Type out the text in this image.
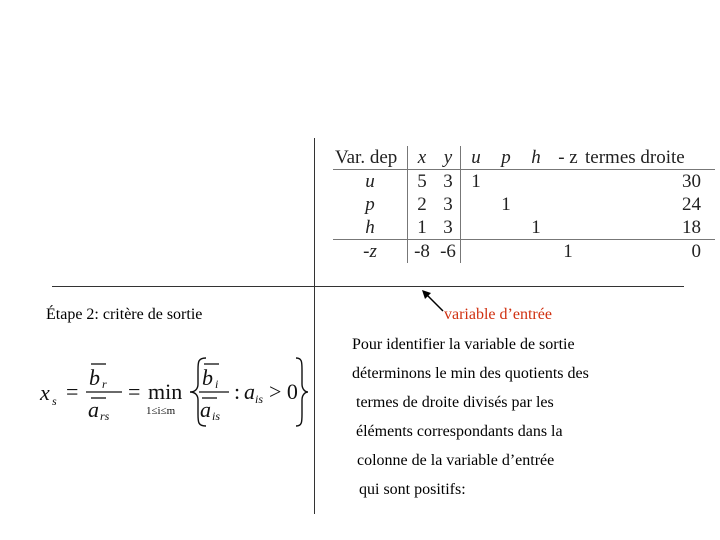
Var. dep	x	y	u	p	h	- z	termes droite
u	5	3	1				30
p	2	3		1			24
h	1	3			1		18
-z	-8	-6				1	0
Étape 2: critère de sortie	variable d’entrée
Pour identifier la variable de sortie
déterminons le min des quotients des
termes de droite divisés par les
éléments correspondants dans la
colonne de la variable d’entrée
qui sont positifs:
x s =
b r
a rs
= min
1≤i≤m
b i
a is
: a is > 0
